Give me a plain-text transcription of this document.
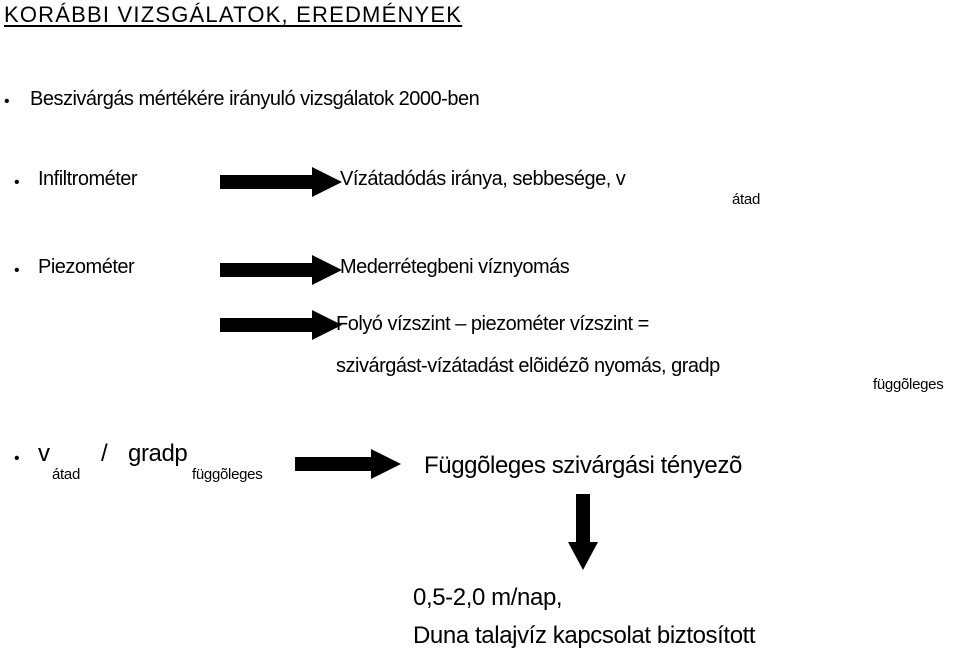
KORÁBBI VIZSGÁLATOK, EREDMÉNYEK
• Beszivárgás mértékére irányuló vizsgálatok 2000-ben
• Infiltrométer	Vízátadódás iránya, sebbesége, v
átad
• Piezométer	Mederrétegbeni víznyomás
Folyó vízszint – piezométer vízszint =
szivárgást-vízátadást elõidézõ nyomás, gradp
függõleges
• v
átad
/ gradp
függõleges	Függõleges szivárgási tényezõ
0,5-2,0 m/nap,
Duna talajvíz kapcsolat biztosított
